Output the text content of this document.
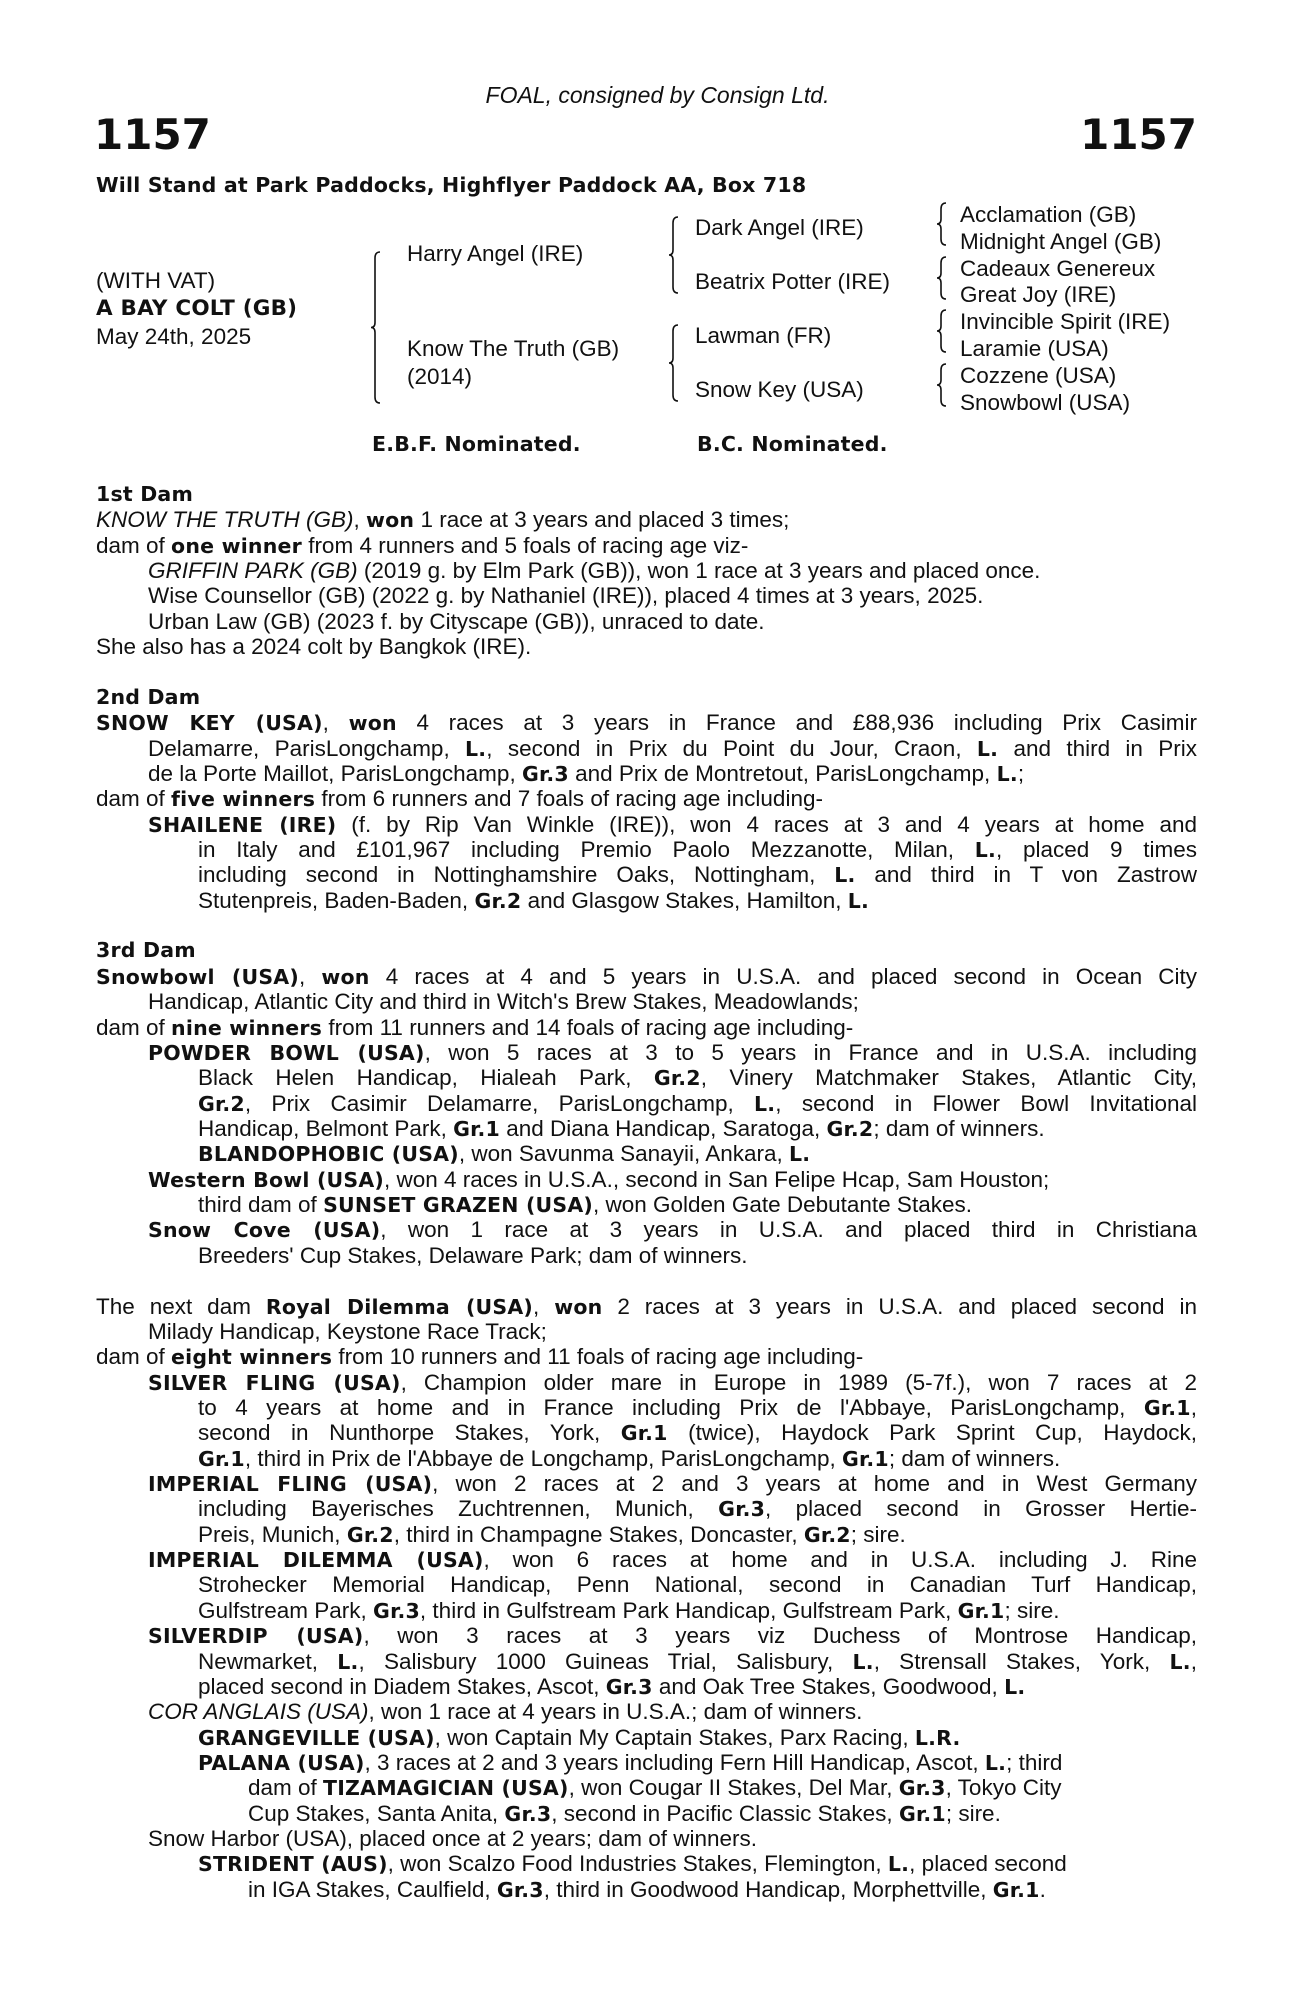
FOAL, consigned by Consign Ltd.
1157	1157
Will Stand at Park Paddocks, Highflyer Paddock AA, Box 718
(WITH VAT)
A BAY COLT (GB)
May 24th, 2025
Harry Angel (IRE)
Know The Truth (GB)
(2014)
Dark Angel (IRE)
Beatrix Potter (IRE)
Lawman (FR)
Snow Key (USA)
Acclamation (GB)
Midnight Angel (GB)
Cadeaux Genereux
Great Joy (IRE)
Invincible Spirit (IRE)
Laramie (USA)
Cozzene (USA)
Snowbowl (USA)
E.B.F. Nominated.	B.C. Nominated.
1st Dam
KNOW THE TRUTH (GB), won 1 race at 3 years and placed 3 times;
dam of one winner from 4 runners and 5 foals of racing age viz-
GRIFFIN PARK (GB) (2019 g. by Elm Park (GB)), won 1 race at 3 years and placed once.
Wise Counsellor (GB) (2022 g. by Nathaniel (IRE)), placed 4 times at 3 years, 2025.
Urban Law (GB) (2023 f. by Cityscape (GB)), unraced to date.
She also has a 2024 colt by Bangkok (IRE).
2nd Dam
SNOW KEY (USA), won 4 races at 3 years in France and £88,936 including Prix Casimir
Delamarre, ParisLongchamp, L., second in Prix du Point du Jour, Craon, L. and third in Prix
de la Porte Maillot, ParisLongchamp, Gr.3 and Prix de Montretout, ParisLongchamp, L.;
dam of five winners from 6 runners and 7 foals of racing age including-
SHAILENE (IRE) (f. by Rip Van Winkle (IRE)), won 4 races at 3 and 4 years at home and
in Italy and £101,967 including Premio Paolo Mezzanotte, Milan, L., placed 9 times
including second in Nottinghamshire Oaks, Nottingham, L. and third in T von Zastrow
Stutenpreis, Baden-Baden, Gr.2 and Glasgow Stakes, Hamilton, L.
3rd Dam
Snowbowl (USA), won 4 races at 4 and 5 years in U.S.A. and placed second in Ocean City
Handicap, Atlantic City and third in Witch's Brew Stakes, Meadowlands;
dam of nine winners from 11 runners and 14 foals of racing age including-
POWDER BOWL (USA), won 5 races at 3 to 5 years in France and in U.S.A. including
Black Helen Handicap, Hialeah Park, Gr.2, Vinery Matchmaker Stakes, Atlantic City,
Gr.2, Prix Casimir Delamarre, ParisLongchamp, L., second in Flower Bowl Invitational
Handicap, Belmont Park, Gr.1 and Diana Handicap, Saratoga, Gr.2; dam of winners.
BLANDOPHOBIC (USA), won Savunma Sanayii, Ankara, L.
Western Bowl (USA), won 4 races in U.S.A., second in San Felipe Hcap, Sam Houston;
third dam of SUNSET GRAZEN (USA), won Golden Gate Debutante Stakes.
Snow Cove (USA), won 1 race at 3 years in U.S.A. and placed third in Christiana
Breeders' Cup Stakes, Delaware Park; dam of winners.
The next dam Royal Dilemma (USA), won 2 races at 3 years in U.S.A. and placed second in
Milady Handicap, Keystone Race Track;
dam of eight winners from 10 runners and 11 foals of racing age including-
SILVER FLING (USA), Champion older mare in Europe in 1989 (5-7f.), won 7 races at 2
to 4 years at home and in France including Prix de l'Abbaye, ParisLongchamp, Gr.1,
second in Nunthorpe Stakes, York, Gr.1 (twice), Haydock Park Sprint Cup, Haydock,
Gr.1, third in Prix de l'Abbaye de Longchamp, ParisLongchamp, Gr.1; dam of winners.
IMPERIAL FLING (USA), won 2 races at 2 and 3 years at home and in West Germany
including Bayerisches Zuchtrennen, Munich, Gr.3, placed second in Grosser Hertie-
Preis, Munich, Gr.2, third in Champagne Stakes, Doncaster, Gr.2; sire.
IMPERIAL DILEMMA (USA), won 6 races at home and in U.S.A. including J. Rine
Strohecker Memorial Handicap, Penn National, second in Canadian Turf Handicap,
Gulfstream Park, Gr.3, third in Gulfstream Park Handicap, Gulfstream Park, Gr.1; sire.
SILVERDIP (USA), won 3 races at 3 years viz Duchess of Montrose Handicap,
Newmarket, L., Salisbury 1000 Guineas Trial, Salisbury, L., Strensall Stakes, York, L.,
placed second in Diadem Stakes, Ascot, Gr.3 and Oak Tree Stakes, Goodwood, L.
COR ANGLAIS (USA), won 1 race at 4 years in U.S.A.; dam of winners.
GRANGEVILLE (USA), won Captain My Captain Stakes, Parx Racing, L.R.
PALANA (USA), 3 races at 2 and 3 years including Fern Hill Handicap, Ascot, L.; third
dam of TIZAMAGICIAN (USA), won Cougar II Stakes, Del Mar, Gr.3, Tokyo City
Cup Stakes, Santa Anita, Gr.3, second in Pacific Classic Stakes, Gr.1; sire.
Snow Harbor (USA), placed once at 2 years; dam of winners.
STRIDENT (AUS), won Scalzo Food Industries Stakes, Flemington, L., placed second
in IGA Stakes, Caulfield, Gr.3, third in Goodwood Handicap, Morphettville, Gr.1.
